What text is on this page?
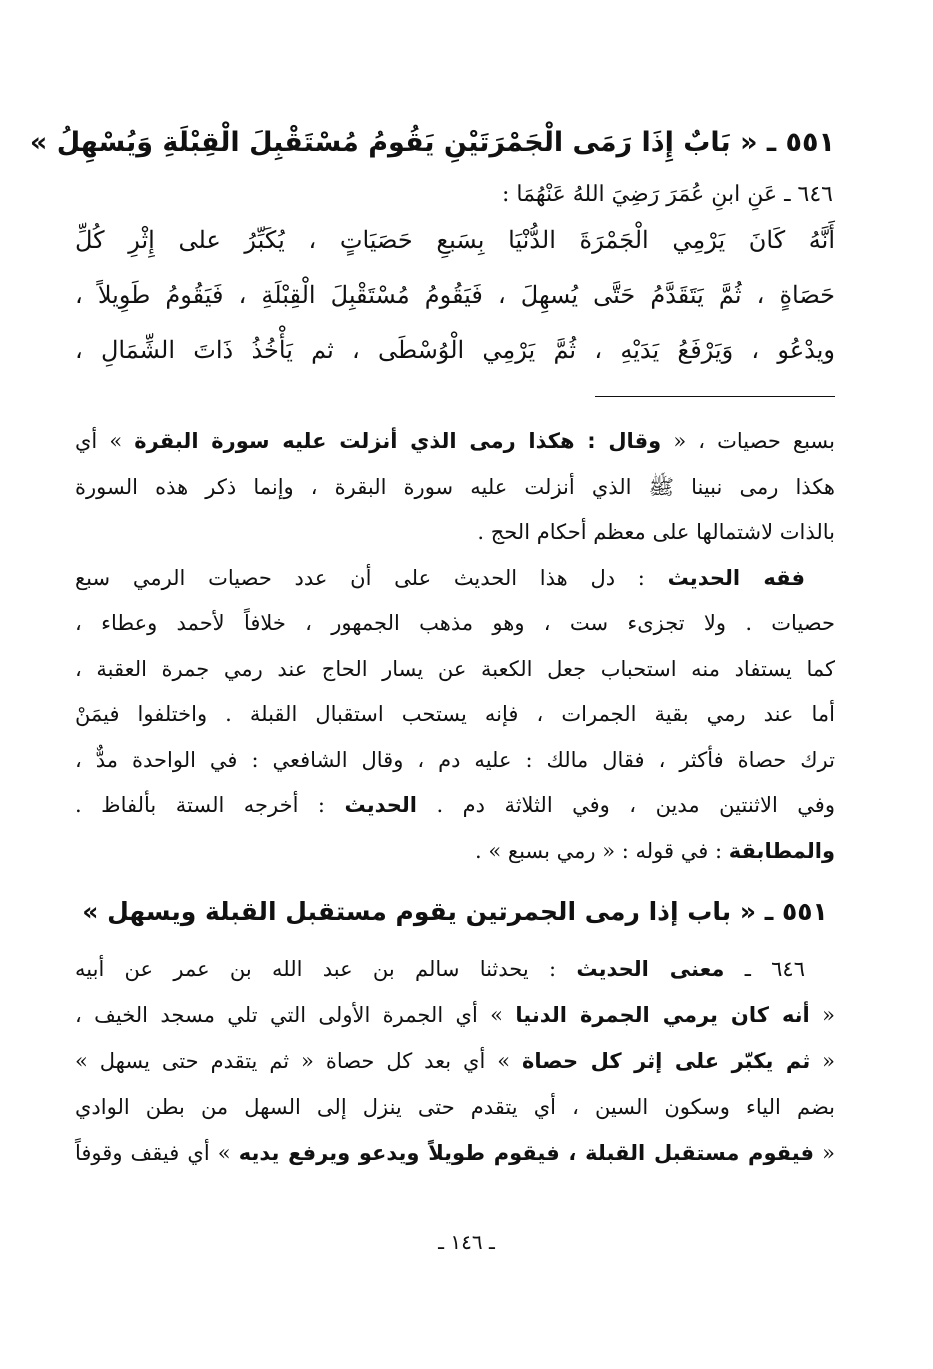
٥٥١ ـ « بَابٌ إِذَا رَمَى الْجَمْرَتَيْنِ يَقُومُ مُسْتَقْبِلَ الْقِبْلَةِ وَيُسْهِلُ »
٦٤٦ ـ عَنِ ابنِ عُمَرَ رَضِيَ اللهُ عَنْهُمَا :

أَنَّهُ كَانَ يَرْمِي الْجَمْرَةَ الدُّنْيَا بِسَبعِ حَصَيَاتٍ ، يُكَبِّرُ على إِثْرِ كُلِّ

حَصَاةٍ ، ثُمَّ يَتَقَدَّمُ حَتَّى يُسهِلَ ، فَيَقُومُ مُسْتَقْبِلَ الْقِبْلَةِ ، فَيَقُومُ طَوِيلاً ،

ويدْعُو ، وَيَرْفَعُ يَدَيْهِ ، ثُمَّ يَرْمِي الْوُسْطَى ، ثم يَأْخُذُ ذَاتَ الشِّمَالِ ،

بسبع حصيات ، « وقال : هكذا رمى الذي أنزلت عليه سورة البقرة » أي

هكذا رمى نبينا ﷺ الذي أنزلت عليه سورة البقرة ، وإنما ذكر هذه السورة

بالذات لاشتمالها على معظم أحكام الحج .

فقه الحديث : دل هذا الحديث على أن عدد حصيات الرمي سبع

حصيات . ولا تجزىء ست ، وهو مذهب الجمهور ، خلافاً لأحمد وعطاء ،

كما يستفاد منه استحباب جعل الكعبة عن يسار الحاج عند رمي جمرة العقبة ،

أما عند رمي بقية الجمرات ، فإنه يستحب استقبال القبلة . واختلفوا فيمَنْ

ترك حصاة فأكثر ، فقال مالك : عليه دم ، وقال الشافعي : في الواحدة مدٌّ ،

وفي الاثنتين مدين ، وفي الثلاثة دم . الحديث : أخرجه الستة بألفاظ .

والمطابقة : في قوله : « رمي بسبع » .

٥٥١ ـ « باب إذا رمى الجمرتين يقوم مستقبل القبلة ويسهل »

٦٤٦ ـ معنى الحديث : يحدثنا سالم بن عبد الله بن عمر عن أبيه

« أنه كان يرمي الجمرة الدنيا » أي الجمرة الأولى التي تلي مسجد الخيف ،

« ثم يكبّر على إثر كل حصاة » أي بعد كل حصاة « ثم يتقدم حتى يسهل »

بضم الياء وسكون السين ، أي يتقدم حتى ينزل إلى السهل من بطن الوادي

« فيقوم مستقبل القبلة ، فيقوم طويلاً ويدعو ويرفع يديه » أي فيقف وقوفاً

ـ ١٤٦ ـ
